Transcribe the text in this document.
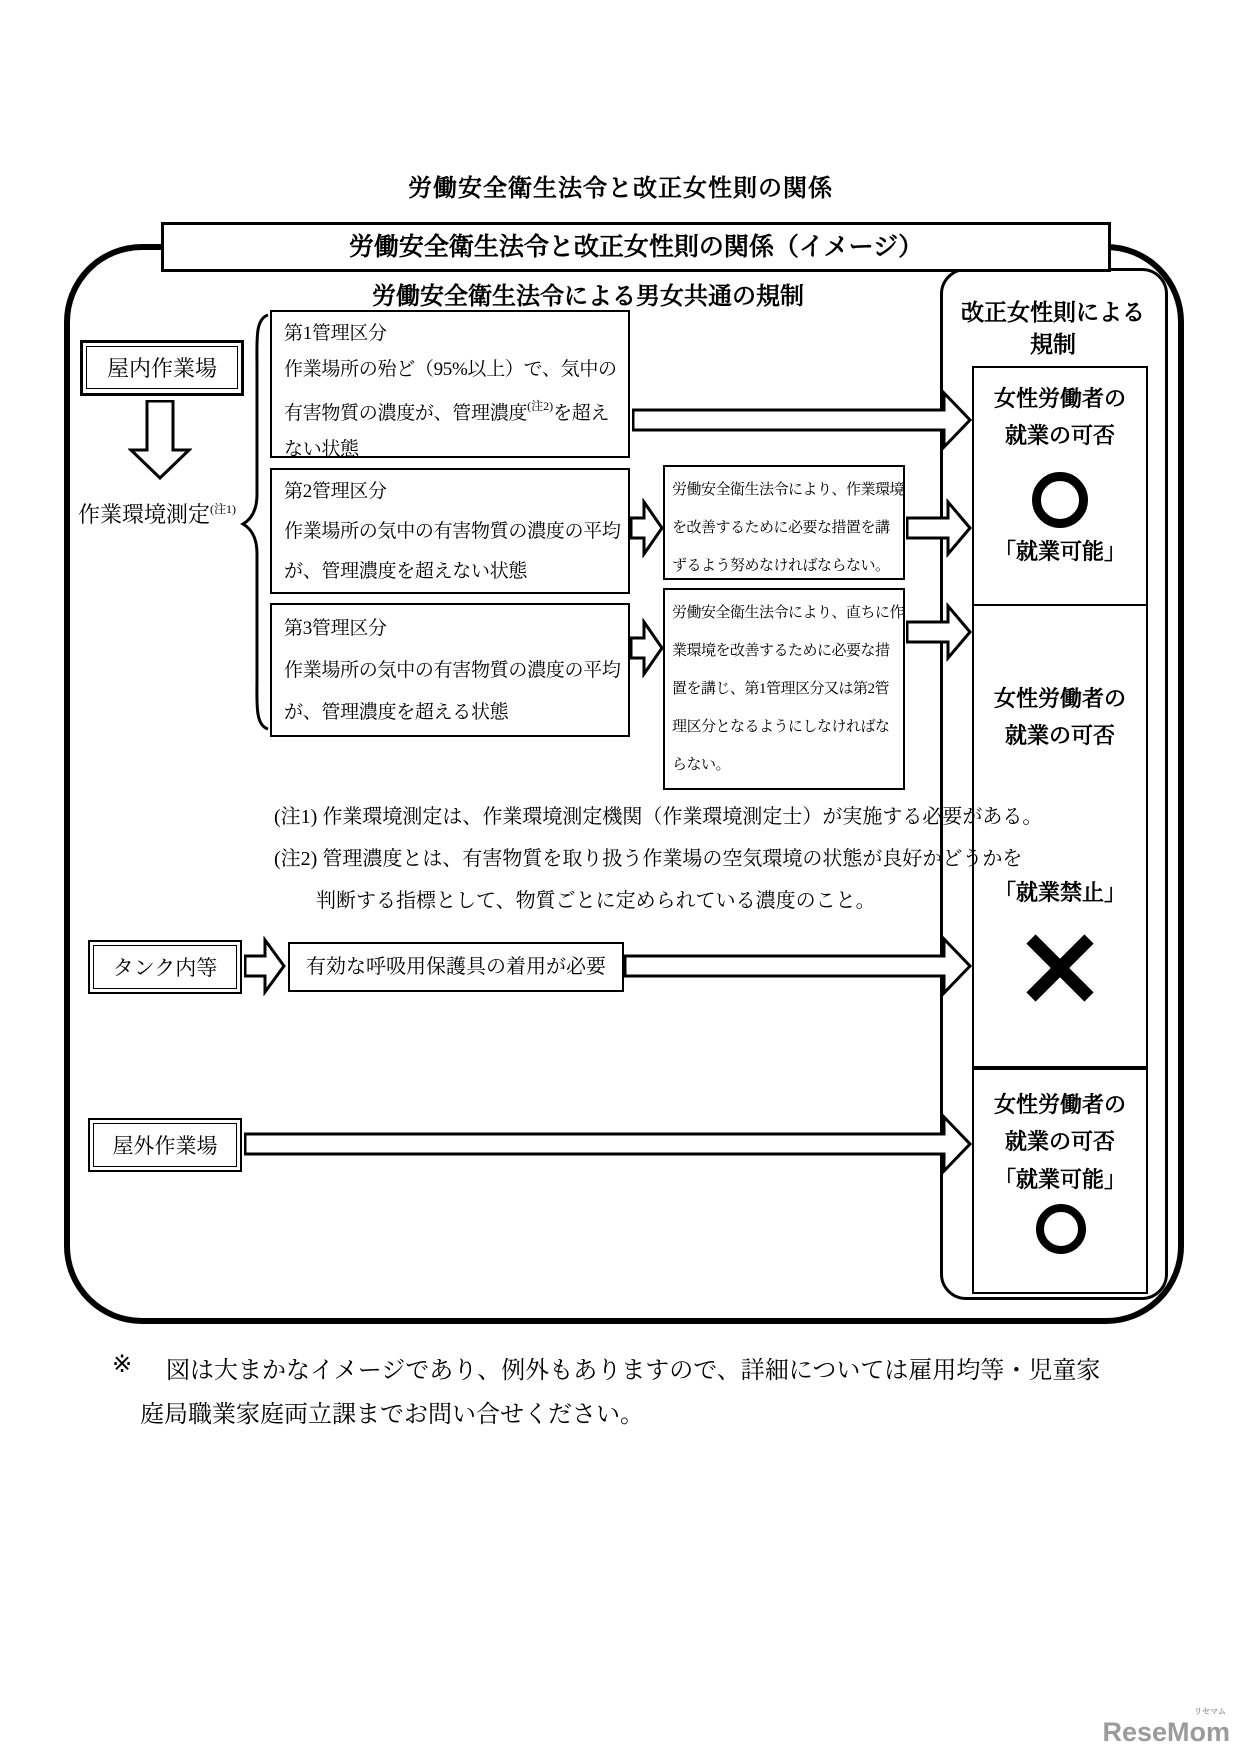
労働安全衛生法令と改正女性則の関係
労働安全衛生法令と改正女性則の関係（イメージ）
労働安全衛生法令による男女共通の規制
改正女性則による
規制
女性労働者の
就業の可否
「就業可能」
女性労働者の
就業の可否
「就業禁止」
女性労働者の
就業の可否
「就業可能」
屋内作業場
作業環境測定$^{(注1)}$
第1管理区分
作業場所の殆ど（95%以上）で、気中の
有害物質の濃度が、管理濃度$^{(注2)}$を超え
ない状態
第2管理区分
作業場所の気中の有害物質の濃度の平均
が、管理濃度を超えない状態
第3管理区分
作業場所の気中の有害物質の濃度の平均
が、管理濃度を超える状態
労働安全衛生法令により、作業環境
を改善するために必要な措置を講
ずるよう努めなければならない。
労働安全衛生法令により、直ちに作
業環境を改善するために必要な措
置を講じ、第1管理区分又は第2管
理区分となるようにしなければな
らない。
(注1) 作業環境測定は、作業環境測定機関（作業環境測定士）が実施する必要がある。
(注2) 管理濃度とは、有害物質を取り扱う作業場の空気環境の状態が良好かどうかを
判断する指標として、物質ごとに定められている濃度のこと。
タンク内等	有効な呼吸用保護具の着用が必要
屋外作業場
※ 図は大まかなイメージであり、例外もありますので、詳細については雇用均等・児童家
庭局職業家庭両立課までお問い合せください。
リセマム
ReseMom
